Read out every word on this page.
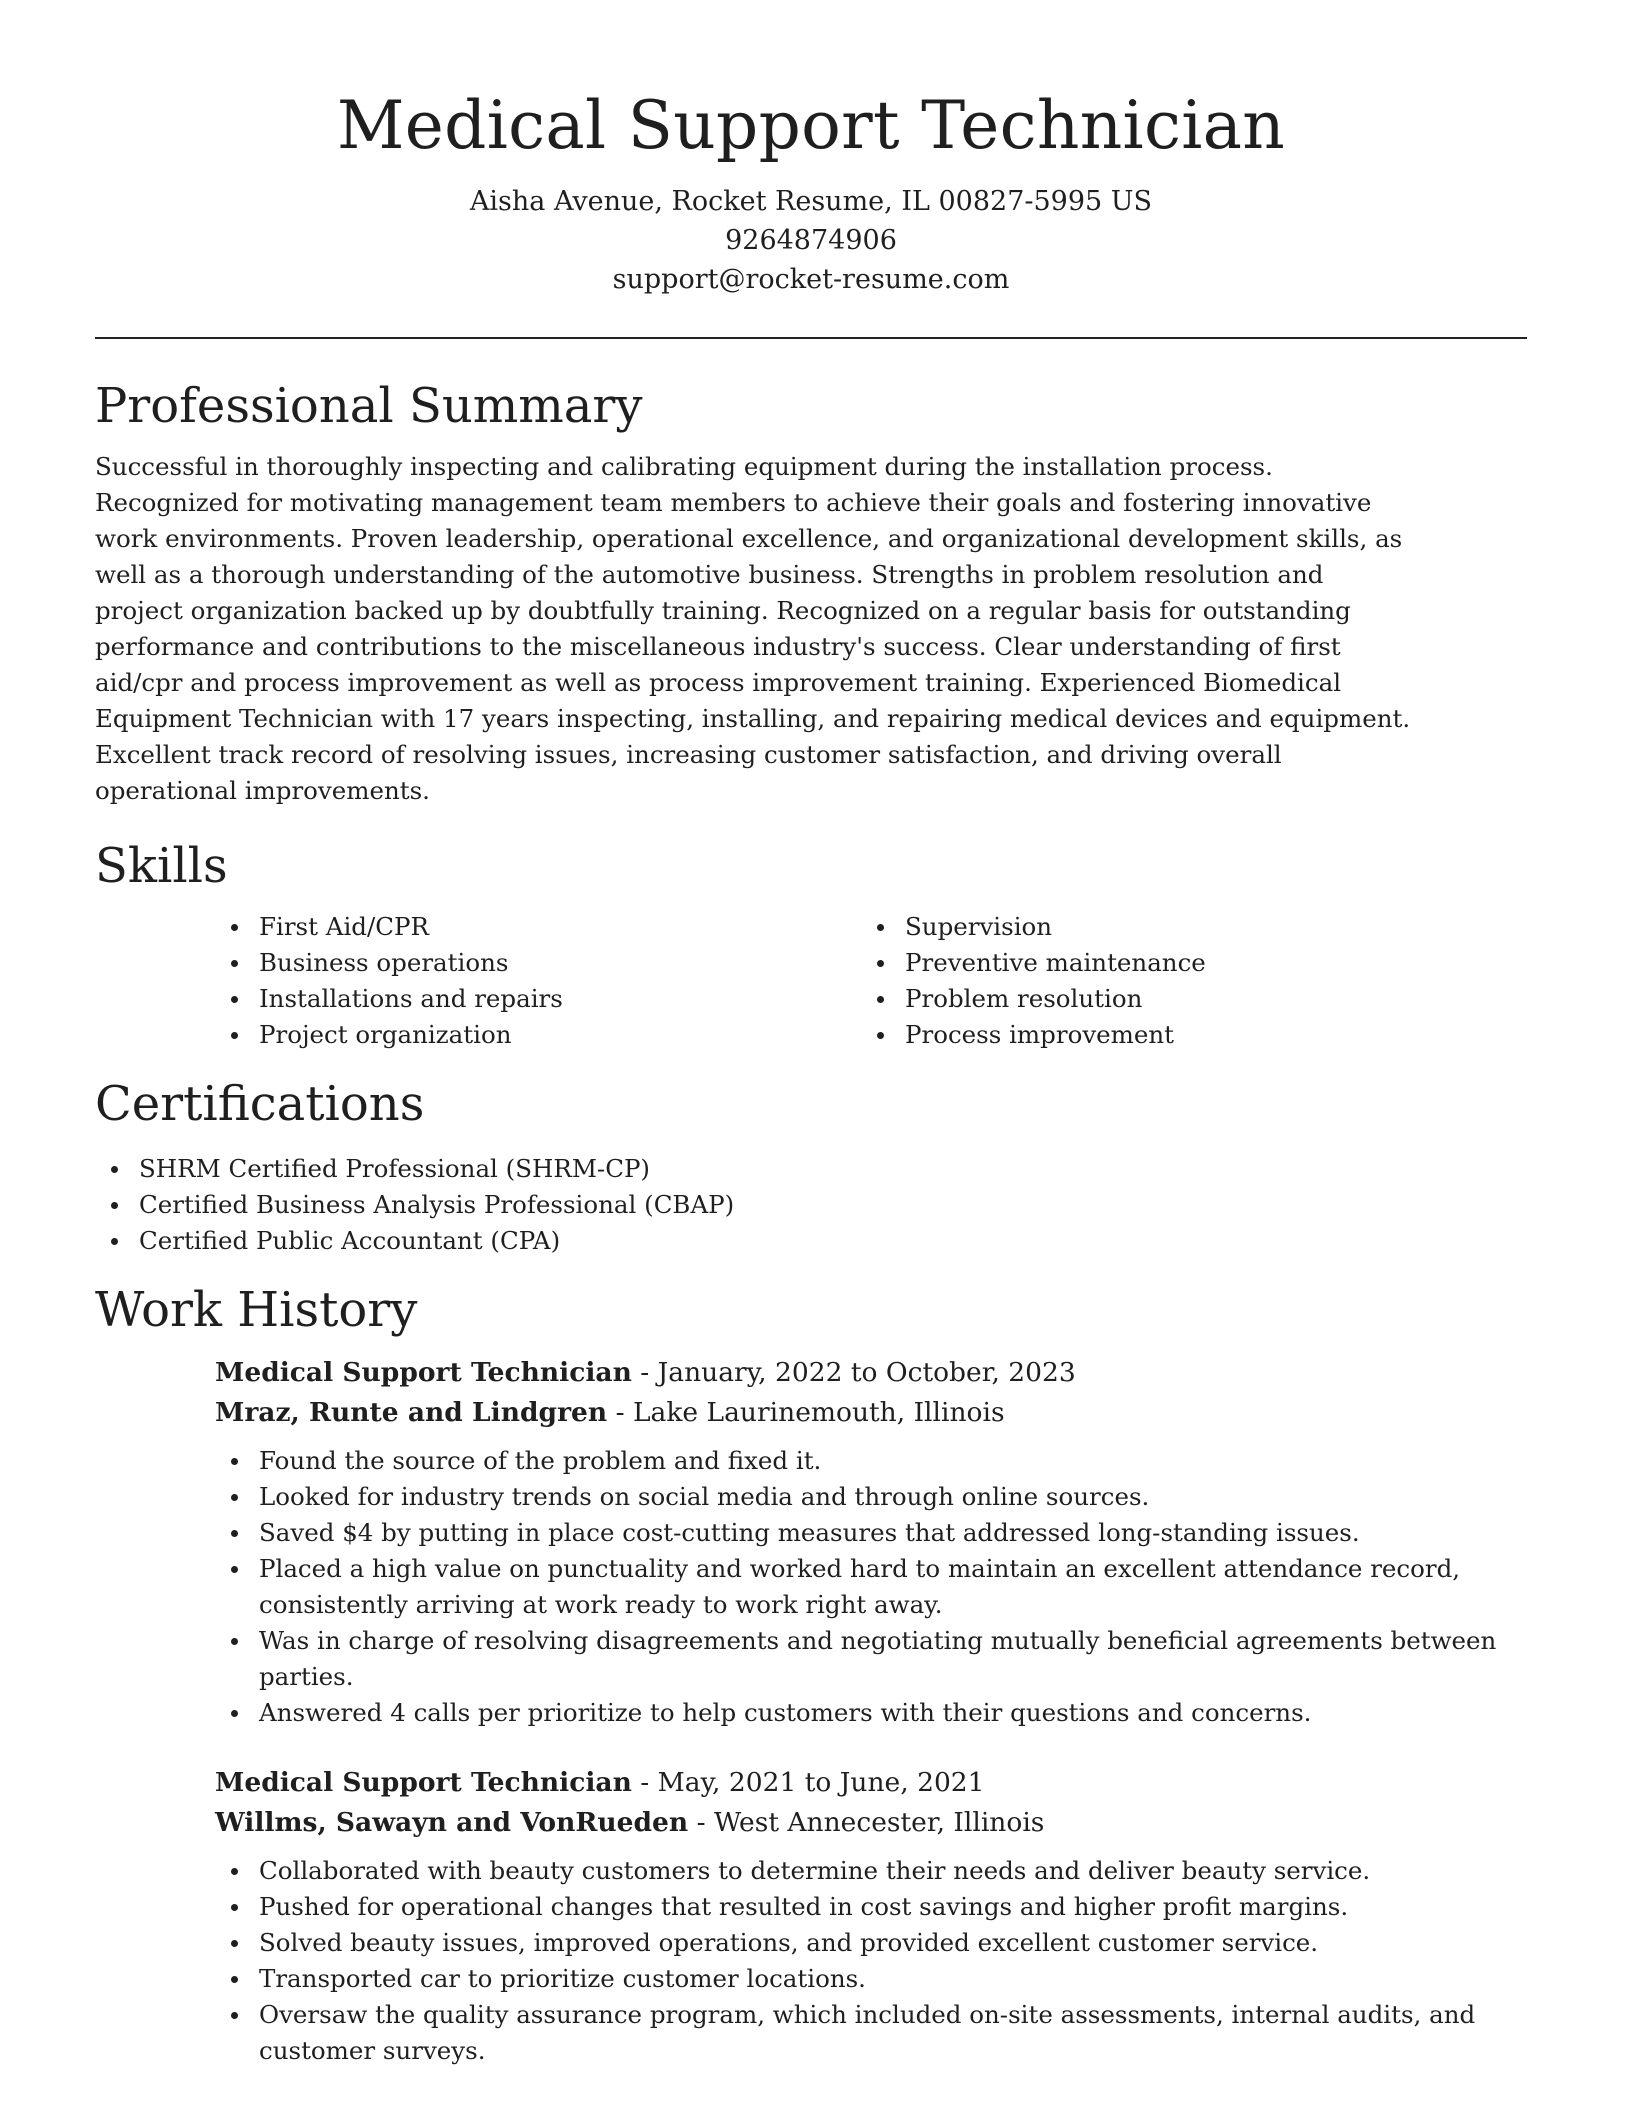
Medical Support Technician
Aisha Avenue, Rocket Resume, IL 00827-5995 US
9264874906
support@rocket-resume.com
Professional Summary

Successful in thoroughly inspecting and calibrating equipment during the installation process. Recognized for motivating management team members to achieve their goals and fostering innovative work environments. Proven leadership, operational excellence, and organizational development skills, as well as a thorough understanding of the automotive business. Strengths in problem resolution and project organization backed up by doubtfully training. Recognized on a regular basis for outstanding performance and contributions to the miscellaneous industry's success. Clear understanding of first aid/cpr and process improvement as well as process improvement training. Experienced Biomedical Equipment Technician with 17 years inspecting, installing, and repairing medical devices and equipment. Excellent track record of resolving issues, increasing customer satisfaction, and driving overall operational improvements.

Skills
First Aid/CPR
Business operations
Installations and repairs
Project organization
Supervision
Preventive maintenance
Problem resolution
Process improvement
Certifications
SHRM Certified Professional (SHRM-CP)
Certified Business Analysis Professional (CBAP)
Certified Public Accountant (CPA)
Work History
Medical Support Technician - January, 2022 to October, 2023
Mraz, Runte and Lindgren - Lake Laurinemouth, Illinois
Found the source of the problem and fixed it.
Looked for industry trends on social media and through online sources.
Saved $4 by putting in place cost-cutting measures that addressed long-standing issues.
Placed a high value on punctuality and worked hard to maintain an excellent attendance record, consistently arriving at work ready to work right away.
Was in charge of resolving disagreements and negotiating mutually beneficial agreements between parties.
Answered 4 calls per prioritize to help customers with their questions and concerns.
Medical Support Technician - May, 2021 to June, 2021
Willms, Sawayn and VonRueden - West Annecester, Illinois
Collaborated with beauty customers to determine their needs and deliver beauty service.
Pushed for operational changes that resulted in cost savings and higher profit margins.
Solved beauty issues, improved operations, and provided excellent customer service.
Transported car to prioritize customer locations.
Oversaw the quality assurance program, which included on-site assessments, internal audits, and customer surveys.
